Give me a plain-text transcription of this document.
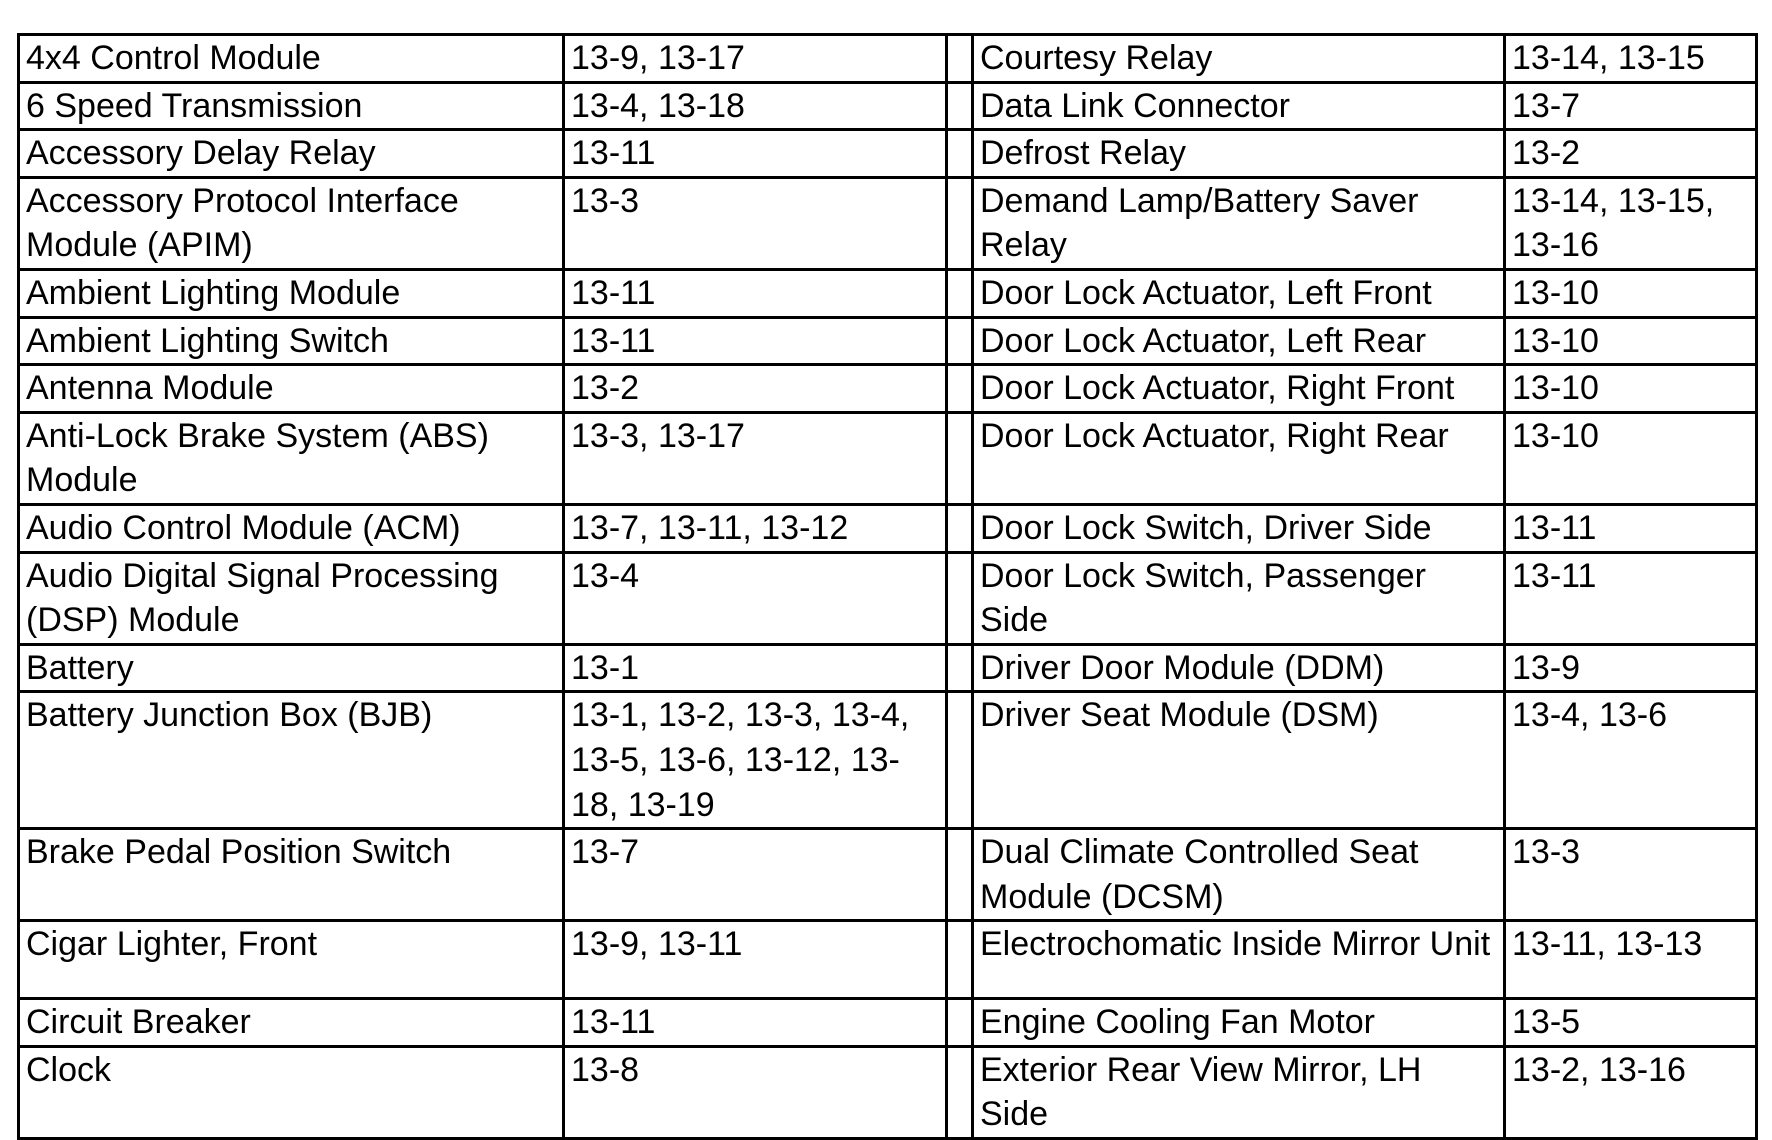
4x4 Control Module	13-9, 13-17		Courtesy Relay	13-14, 13-15
6 Speed Transmission	13-4, 13-18		Data Link Connector	13-7
Accessory Delay Relay	13-11		Defrost Relay	13-2
Accessory Protocol Interface Module (APIM)	13-3		Demand Lamp/Battery Saver Relay	13-14, 13-15, 13-16
Ambient Lighting Module	13-11		Door Lock Actuator, Left Front	13-10
Ambient Lighting Switch	13-11		Door Lock Actuator, Left Rear	13-10
Antenna Module	13-2		Door Lock Actuator, Right Front	13-10
Anti-Lock Brake System (ABS) Module	13-3, 13-17		Door Lock Actuator, Right Rear	13-10
Audio Control Module (ACM)	13-7, 13-11, 13-12		Door Lock Switch, Driver Side	13-11
Audio Digital Signal Processing (DSP) Module	13-4		Door Lock Switch, Passenger Side	13-11
Battery	13-1		Driver Door Module (DDM)	13-9
Battery Junction Box (BJB)	13-1, 13-2, 13-3, 13-4, 13-5, 13-6, 13-12, 13-18, 13-19		Driver Seat Module (DSM)	13-4, 13-6
Brake Pedal Position Switch	13-7		Dual Climate Controlled Seat Module (DCSM)	13-3
Cigar Lighter, Front	13-9, 13-11		Electrochomatic Inside Mirror Unit	13-11, 13-13
Circuit Breaker	13-11		Engine Cooling Fan Motor	13-5
Clock	13-8		Exterior Rear View Mirror, LH Side	13-2, 13-16
